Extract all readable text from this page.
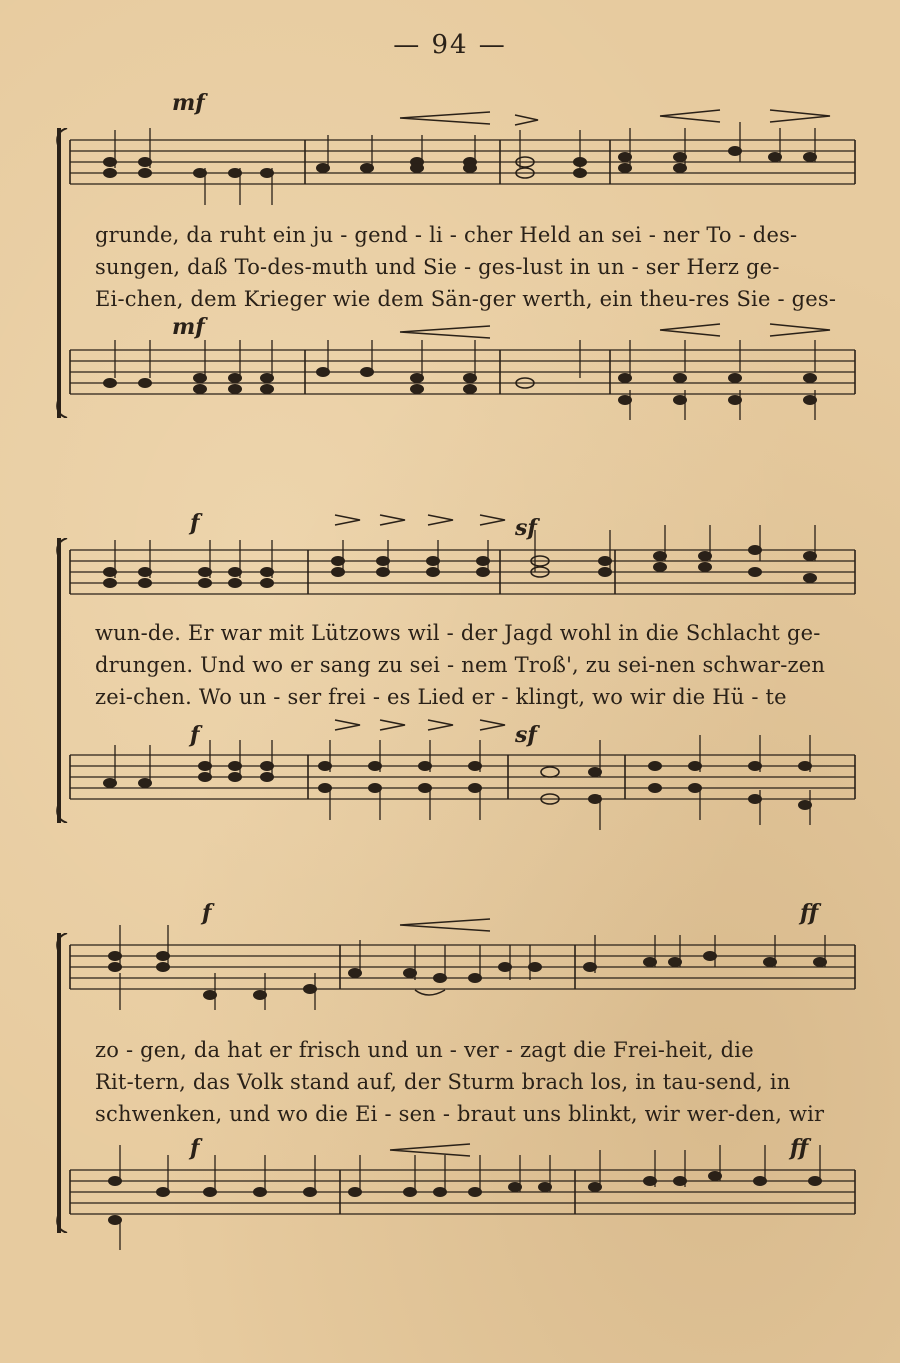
— 94 —
mf
grunde, da ruht ein ju - gend - li - cher Held an sei - ner To - des-
sungen, daß To-des-muth und Sie - ges-lust in un - ser Herz ge-
Ei-chen, dem Krieger wie dem Sän-ger werth, ein theu-res Sie - ges-
mf
f	sf
wun-de. Er war mit Lützows wil - der Jagd wohl in die Schlacht ge-
drungen. Und wo er sang zu sei - nem Troß', zu sei-nen schwar-zen
zei-chen. Wo un - ser frei - es Lied er - klingt, wo wir die Hü - te
f	sf
f	ff
zo - gen, da hat er frisch und un - ver - zagt die Frei-heit, die
Rit-tern, das Volk stand auf, der Sturm brach los, in tau-send, in
schwenken, und wo die Ei - sen - braut uns blinkt, wir wer-den, wir
f	ff
